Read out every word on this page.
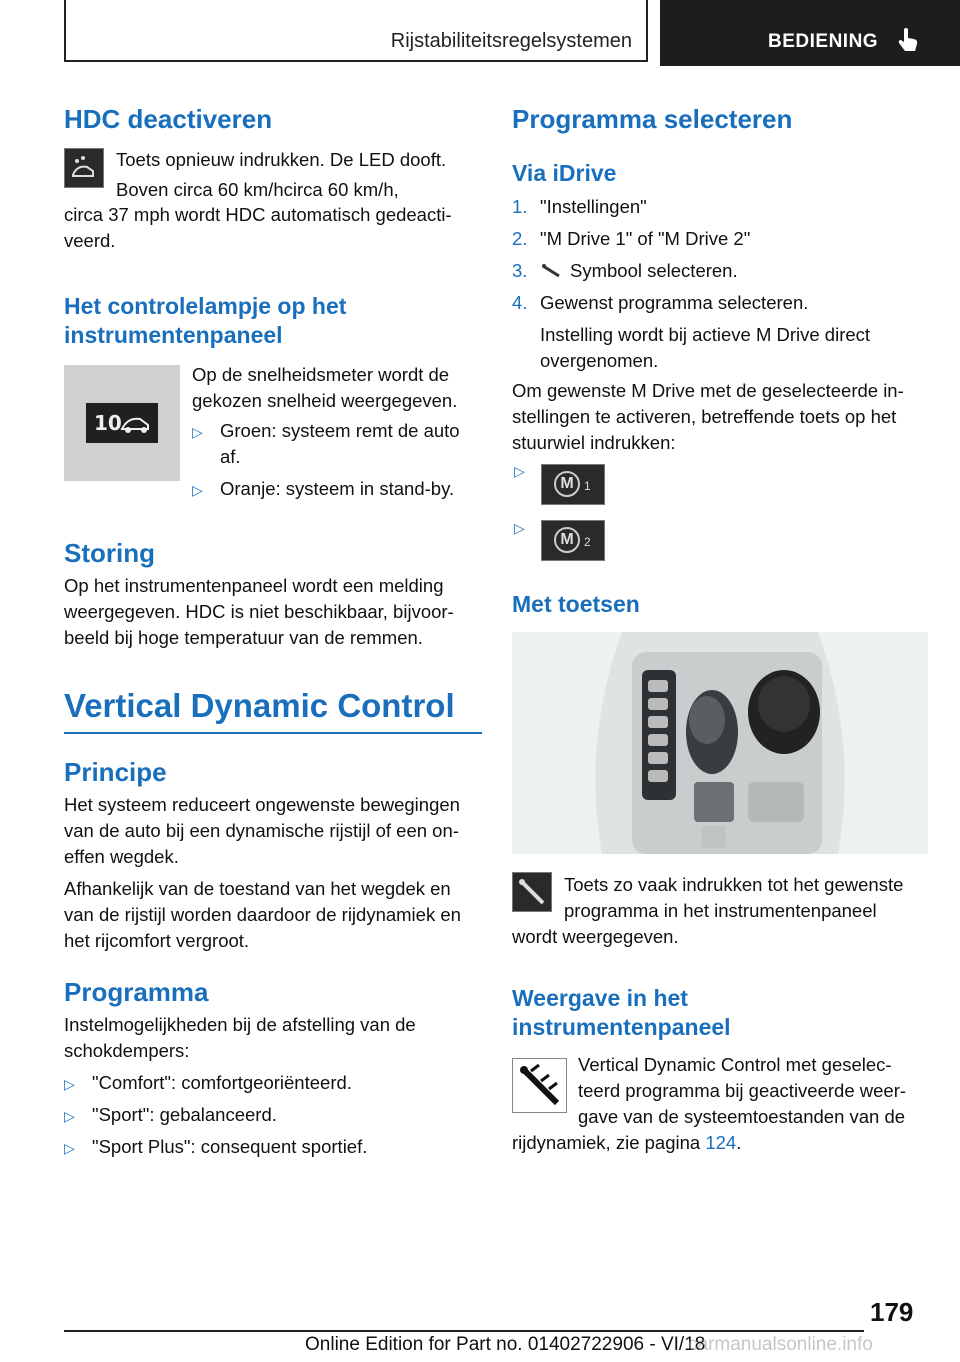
Rijstabiliteitsregelsystemen	BEDIENING
HDC deactiveren
Toets opnieuw indrukken. De LED dooft.
Boven circa 60 km/hcirca 60 km/h,
circa 37 mph wordt HDC automatisch gedeacti-
veerd.
Het controlelampje op het
instrumentenpaneel
10
Op de snelheidsmeter wordt de
gekozen snelheid weergegeven.
▷ Groen: systeem remt de auto
af.
▷ Oranje: systeem in stand-by.
Storing
Op het instrumentenpaneel wordt een melding
weergegeven. HDC is niet beschikbaar, bijvoor-
beeld bij hoge temperatuur van de remmen.
Vertical Dynamic Control
Principe
Het systeem reduceert ongewenste bewegingen
van de auto bij een dynamische rijstijl of een on-
effen wegdek.
Afhankelijk van de toestand van het wegdek en
van de rijstijl worden daardoor de rijdynamiek en
het rijcomfort vergroot.
Programma
Instelmogelijkheden bij de afstelling van de
schokdempers:
▷ "Comfort": comfortgeoriënteerd.
▷ "Sport": gebalanceerd.
▷ "Sport Plus": consequent sportief.
Programma selecteren
Via iDrive
1. "Instellingen"
2. "M Drive 1" of "M Drive 2"
3. Symbool selecteren.
4. Gewenst programma selecteren.
Instelling wordt bij actieve M Drive direct
overgenomen.
Om gewenste M Drive met de geselecteerde in-
stellingen te activeren, betreffende toets op het
stuurwiel indrukken:
▷
M 1
▷
M 2
Met toetsen
Toets zo vaak indrukken tot het gewenste
programma in het instrumentenpaneel
wordt weergegeven.
Weergave in het
instrumentenpaneel
Vertical Dynamic Control met geselec-
teerd programma bij geactiveerde weer-
gave van de systeemtoestanden van de
rijdynamiek, zie pagina 124.
179
Online Edition for Part no. 01402722906 - VI/18
carmanualsonline.info
